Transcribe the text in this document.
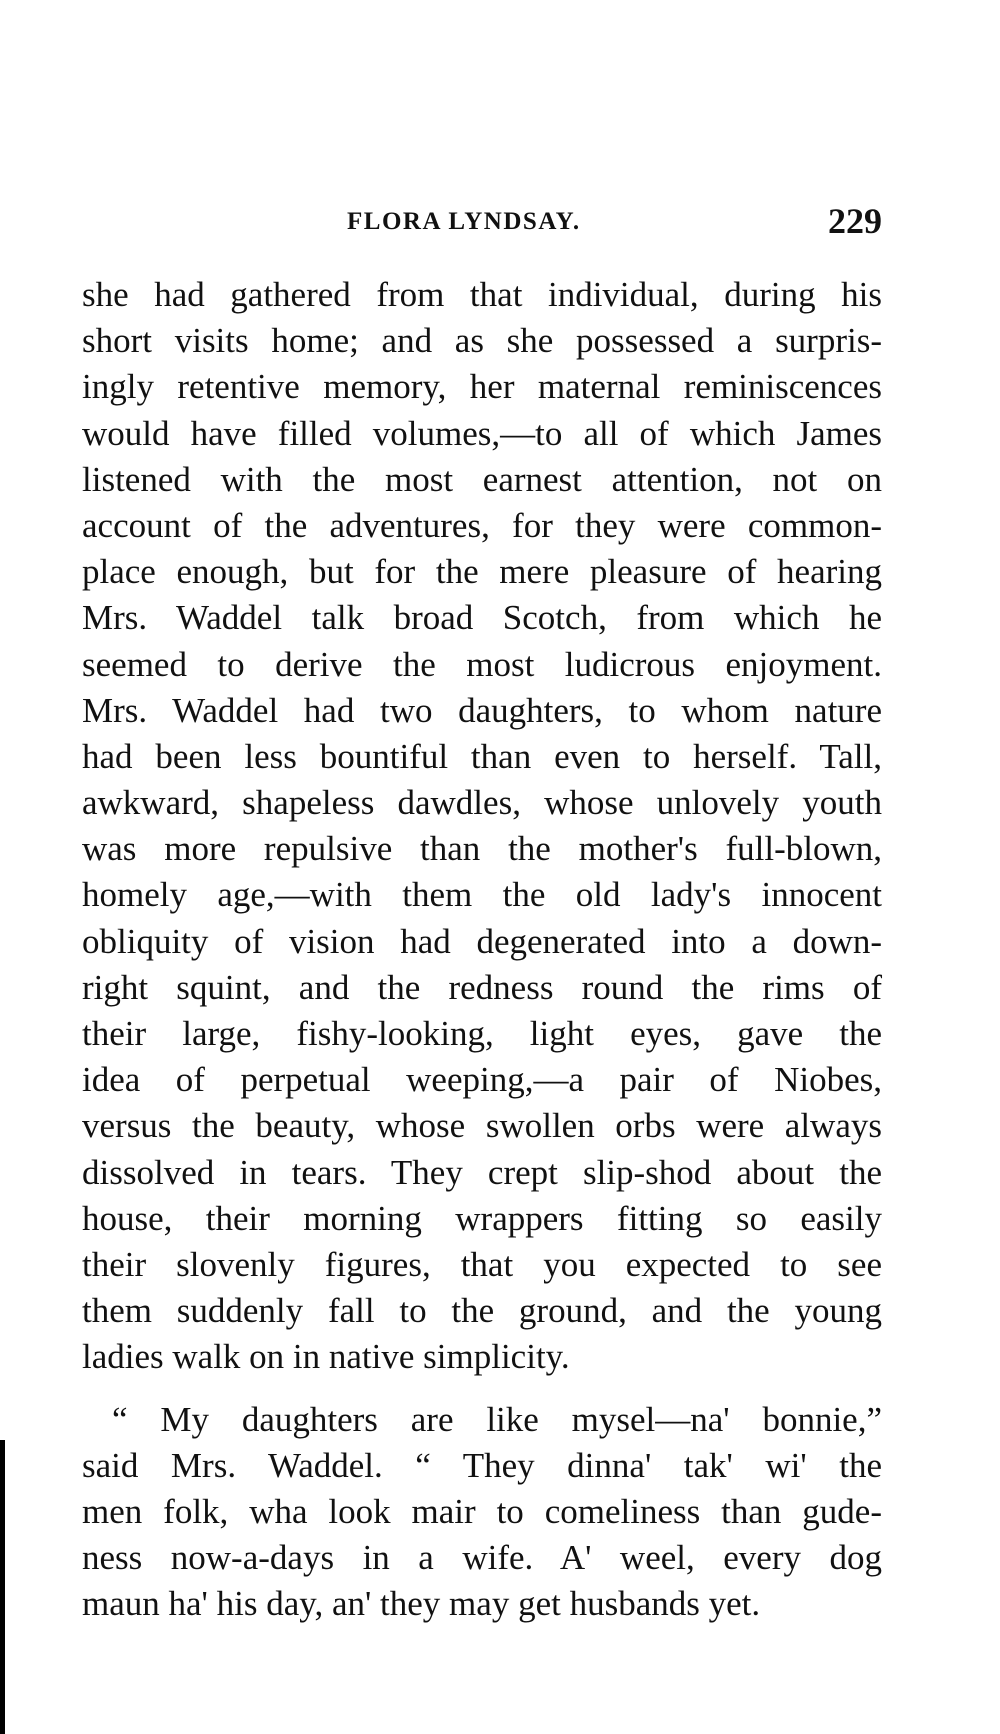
FLORA LYNDSAY.	229
she had gathered from that individual, during his
short visits home; and as she possessed a surpris-
ingly retentive memory, her maternal reminiscences
would have filled volumes,—to all of which James
listened with the most earnest attention, not on
account of the adventures, for they were common-
place enough, but for the mere pleasure of hearing
Mrs. Waddel talk broad Scotch, from which he
seemed to derive the most ludicrous enjoyment.
Mrs. Waddel had two daughters, to whom nature
had been less bountiful than even to herself. Tall,
awkward, shapeless dawdles, whose unlovely youth
was more repulsive than the mother's full-blown,
homely age,—with them the old lady's innocent
obliquity of vision had degenerated into a down-
right squint, and the redness round the rims of
their large, fishy-looking, light eyes, gave the
idea of perpetual weeping,—a pair of Niobes,
versus the beauty, whose swollen orbs were always
dissolved in tears. They crept slip-shod about the
house, their morning wrappers fitting so easily
their slovenly figures, that you expected to see
them suddenly fall to the ground, and the young
ladies walk on in native simplicity.
“ My daughters are like mysel—na' bonnie,”
said Mrs. Waddel. “ They dinna' tak' wi' the
men folk, wha look mair to comeliness than gude-
ness now-a-days in a wife. A' weel, every dog
maun ha' his day, an' they may get husbands yet.
